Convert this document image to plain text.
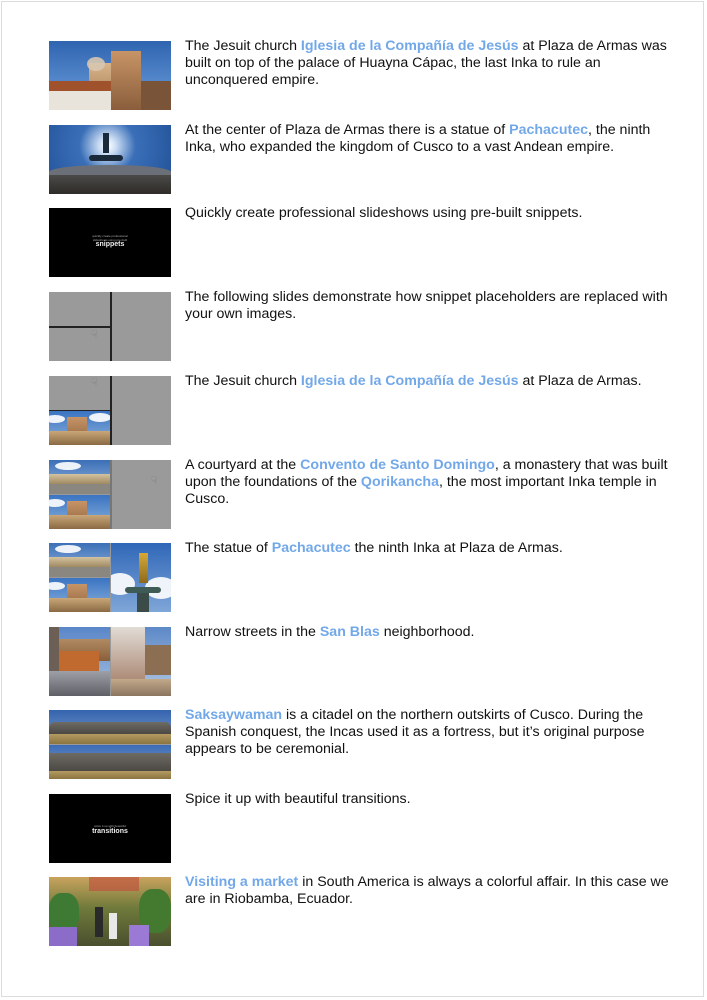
The Jesuit church Iglesia de la Compañía de Jesús at Plaza de Armas was built on top of the palace of Huayna Cápac, the last Inka to rule an unconquered empire.
At the center of Plaza de Armas there is a statue of Pachacutec, the ninth Inka, who expanded the kingdom of Cusco to a vast Andean empire.
quickly create professional
slideshows using pre-built
snippets
Quickly create professional slideshows using pre-built snippets.
☟
The following slides demonstrate how snippet placeholders are replaced with your own images.
☟	The Jesuit church Iglesia de la Compañía de Jesús at Plaza de Armas.
☟
A courtyard at the Convento de Santo Domingo, a monastery that was built upon the foundations of the Qorikancha, the most important Inka temple in Cusco.
The statue of Pachacutec the ninth Inka at Plaza de Armas.
Narrow streets in the San Blas neighborhood.
Saksaywaman is a citadel on the northern outskirts of Cusco. During the Spanish conquest, the Incas used it as a fortress, but it’s original purpose appears to be ceremonial.
spice it up with beautiful
transitions
Spice it up with beautiful transitions.
Visiting a market in South America is always a colorful affair. In this case we are in Riobamba, Ecuador.
